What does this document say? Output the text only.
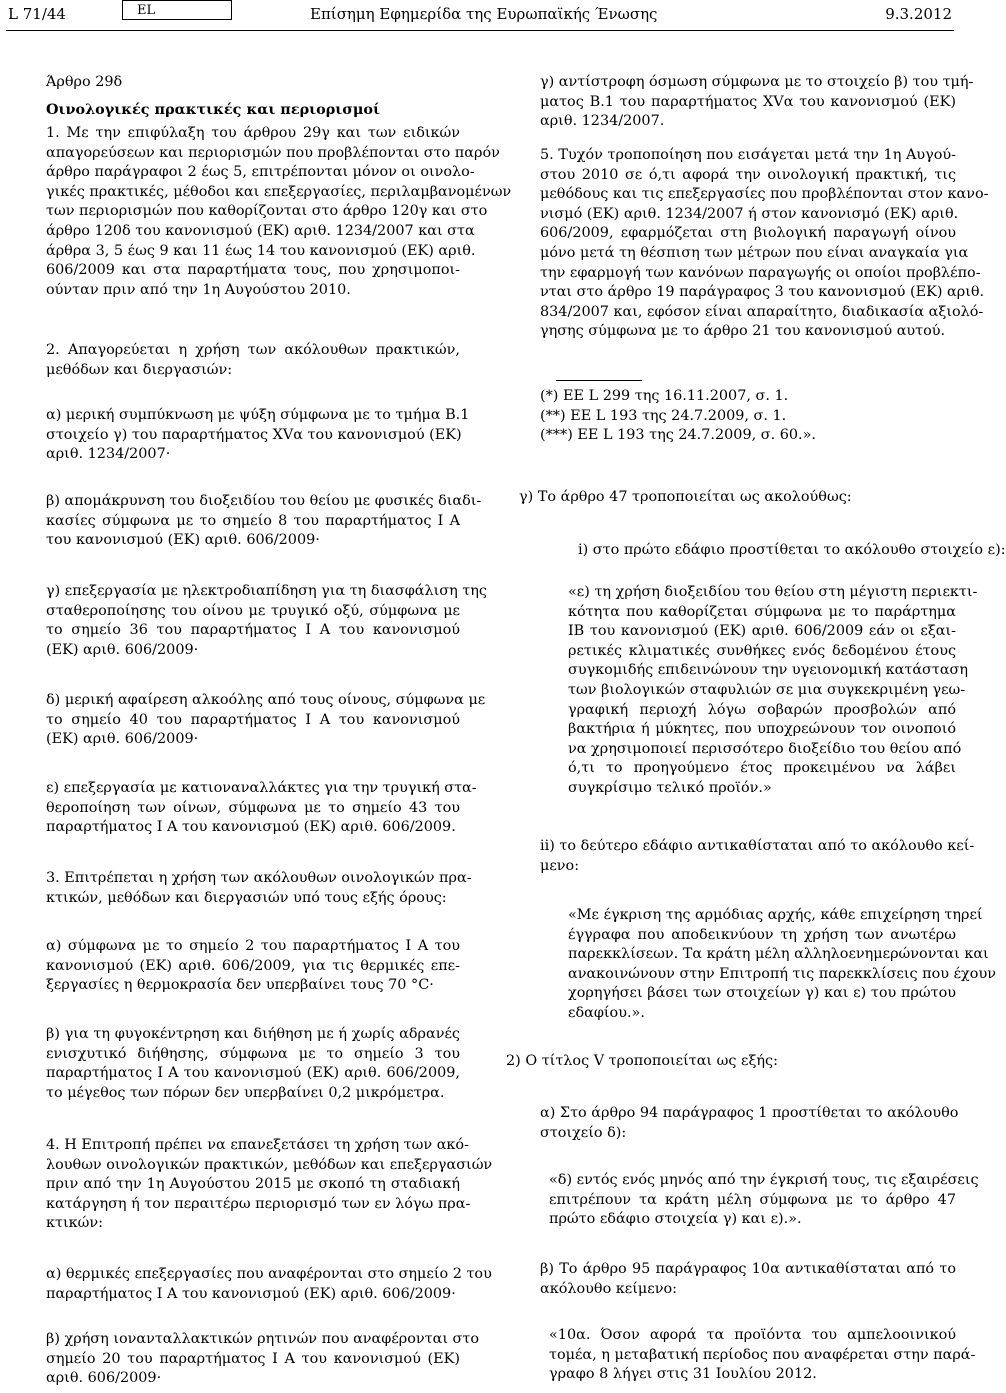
L 71/44	EL	Επίσημη Εφημερίδα της Ευρωπαϊκής Ένωσης	9.3.2012
Άρθρο 29δ
Οινολογικές πρακτικές και περιορισμοί
1. Με την επιφύλαξη του άρθρου 29γ και των ειδικών
απαγορεύσεων και περιορισμών που προβλέπονται στο παρόν
άρθρο παράγραφοι 2 έως 5, επιτρέπονται μόνον οι οινολο-
γικές πρακτικές, μέθοδοι και επεξεργασίες, περιλαμβανομένων
των περιορισμών που καθορίζονται στο άρθρο 120γ και στο
άρθρο 120δ του κανονισμού (ΕΚ) αριθ. 1234/2007 και στα
άρθρα 3, 5 έως 9 και 11 έως 14 του κανονισμού (ΕΚ) αριθ.
606/2009 και στα παραρτήματα τους, που χρησιμοποι-
ούνταν πριν από την 1η Αυγούστου 2010.
2. Απαγορεύεται η χρήση των ακόλουθων πρακτικών,
μεθόδων και διεργασιών:
α) μερική συμπύκνωση με ψύξη σύμφωνα με το τμήμα Β.1
στοιχείο γ) του παραρτήματος XVα του κανονισμού (ΕΚ)
αριθ. 1234/2007·
β) απομάκρυνση του διοξειδίου του θείου με φυσικές διαδι-
κασίες σύμφωνα με το σημείο 8 του παραρτήματος Ι Α
του κανονισμού (ΕΚ) αριθ. 606/2009·
γ) επεξεργασία με ηλεκτροδιαπίδηση για τη διασφάλιση της
σταθεροποίησης του οίνου με τρυγικό οξύ, σύμφωνα με
το σημείο 36 του παραρτήματος Ι Α του κανονισμού
(ΕΚ) αριθ. 606/2009·
δ) μερική αφαίρεση αλκοόλης από τους οίνους, σύμφωνα με
το σημείο 40 του παραρτήματος Ι Α του κανονισμού
(ΕΚ) αριθ. 606/2009·
ε) επεξεργασία με κατιοναναλλάκτες για την τρυγική στα-
θεροποίηση των οίνων, σύμφωνα με το σημείο 43 του
παραρτήματος Ι Α του κανονισμού (ΕΚ) αριθ. 606/2009.
3. Επιτρέπεται η χρήση των ακόλουθων οινολογικών πρα-
κτικών, μεθόδων και διεργασιών υπό τους εξής όρους:
α) σύμφωνα με το σημείο 2 του παραρτήματος Ι Α του
κανονισμού (ΕΚ) αριθ. 606/2009, για τις θερμικές επε-
ξεργασίες η θερμοκρασία δεν υπερβαίνει τους 70 °C·
β) για τη φυγοκέντρηση και διήθηση με ή χωρίς αδρανές
ενισχυτικό διήθησης, σύμφωνα με το σημείο 3 του
παραρτήματος Ι Α του κανονισμού (ΕΚ) αριθ. 606/2009,
το μέγεθος των πόρων δεν υπερβαίνει 0,2 μικρόμετρα.
4. Η Επιτροπή πρέπει να επανεξετάσει τη χρήση των ακό-
λουθων οινολογικών πρακτικών, μεθόδων και επεξεργασιών
πριν από την 1η Αυγούστου 2015 με σκοπό τη σταδιακή
κατάργηση ή τον περαιτέρω περιορισμό των εν λόγω πρα-
κτικών:
α) θερμικές επεξεργασίες που αναφέρονται στο σημείο 2 του
παραρτήματος Ι Α του κανονισμού (ΕΚ) αριθ. 606/2009·
β) χρήση ιονανταλλακτικών ρητινών που αναφέρονται στο
σημείο 20 του παραρτήματος Ι Α του κανονισμού (ΕΚ)
αριθ. 606/2009·
γ) αντίστροφη όσμωση σύμφωνα με το στοιχείο β) του τμή-
ματος Β.1 του παραρτήματος XVα του κανονισμού (ΕΚ)
αριθ. 1234/2007.
5. Τυχόν τροποποίηση που εισάγεται μετά την 1η Αυγού-
στου 2010 σε ό,τι αφορά την οινολογική πρακτική, τις
μεθόδους και τις επεξεργασίες που προβλέπονται στον κανο-
νισμό (ΕΚ) αριθ. 1234/2007 ή στον κανονισμό (ΕΚ) αριθ.
606/2009, εφαρμόζεται στη βιολογική παραγωγή οίνου
μόνο μετά τη θέσπιση των μέτρων που είναι αναγκαία για
την εφαρμογή των κανόνων παραγωγής οι οποίοι προβλέπο-
νται στο άρθρο 19 παράγραφος 3 του κανονισμού (ΕΚ) αριθ.
834/2007 και, εφόσον είναι απαραίτητο, διαδικασία αξιολό-
γησης σύμφωνα με το άρθρο 21 του κανονισμού αυτού.
(*) ΕΕ L 299 της 16.11.2007, σ. 1.
(**) ΕΕ L 193 της 24.7.2009, σ. 1.
(***) ΕΕ L 193 της 24.7.2009, σ. 60.».
γ) Το άρθρο 47 τροποποιείται ως ακολούθως:
i) στο πρώτο εδάφιο προστίθεται το ακόλουθο στοιχείο ε):
«ε) τη χρήση διοξειδίου του θείου στη μέγιστη περιεκτι-
κότητα που καθορίζεται σύμφωνα με το παράρτημα
ΙΒ του κανονισμού (ΕΚ) αριθ. 606/2009 εάν οι εξαι-
ρετικές κλιματικές συνθήκες ενός δεδομένου έτους
συγκομιδής επιδεινώνουν την υγειονομική κατάσταση
των βιολογικών σταφυλιών σε μια συγκεκριμένη γεω-
γραφική περιοχή λόγω σοβαρών προσβολών από
βακτήρια ή μύκητες, που υποχρεώνουν τον οινοποιό
να χρησιμοποιεί περισσότερο διοξείδιο του θείου από
ό,τι το προηγούμενο έτος προκειμένου να λάβει
συγκρίσιμο τελικό προϊόν.»
ii) το δεύτερο εδάφιο αντικαθίσταται από το ακόλουθο κεί-
μενο:
«Με έγκριση της αρμόδιας αρχής, κάθε επιχείρηση τηρεί
έγγραφα που αποδεικνύουν τη χρήση των ανωτέρω
παρεκκλίσεων. Τα κράτη μέλη αλληλοενημερώνονται και
ανακοινώνουν στην Επιτροπή τις παρεκκλίσεις που έχουν
χορηγήσει βάσει των στοιχείων γ) και ε) του πρώτου
εδαφίου.».
2) Ο τίτλος V τροποποιείται ως εξής:
α) Στο άρθρο 94 παράγραφος 1 προστίθεται το ακόλουθο
στοιχείο δ):
«δ) εντός ενός μηνός από την έγκρισή τους, τις εξαιρέσεις
επιτρέπουν τα κράτη μέλη σύμφωνα με το άρθρο 47
πρώτο εδάφιο στοιχεία γ) και ε).».
β) Το άρθρο 95 παράγραφος 10α αντικαθίσταται από το
ακόλουθο κείμενο:
«10α. Όσον αφορά τα προϊόντα του αμπελοοινικού
τομέα, η μεταβατική περίοδος που αναφέρεται στην παρά-
γραφο 8 λήγει στις 31 Ιουλίου 2012.
